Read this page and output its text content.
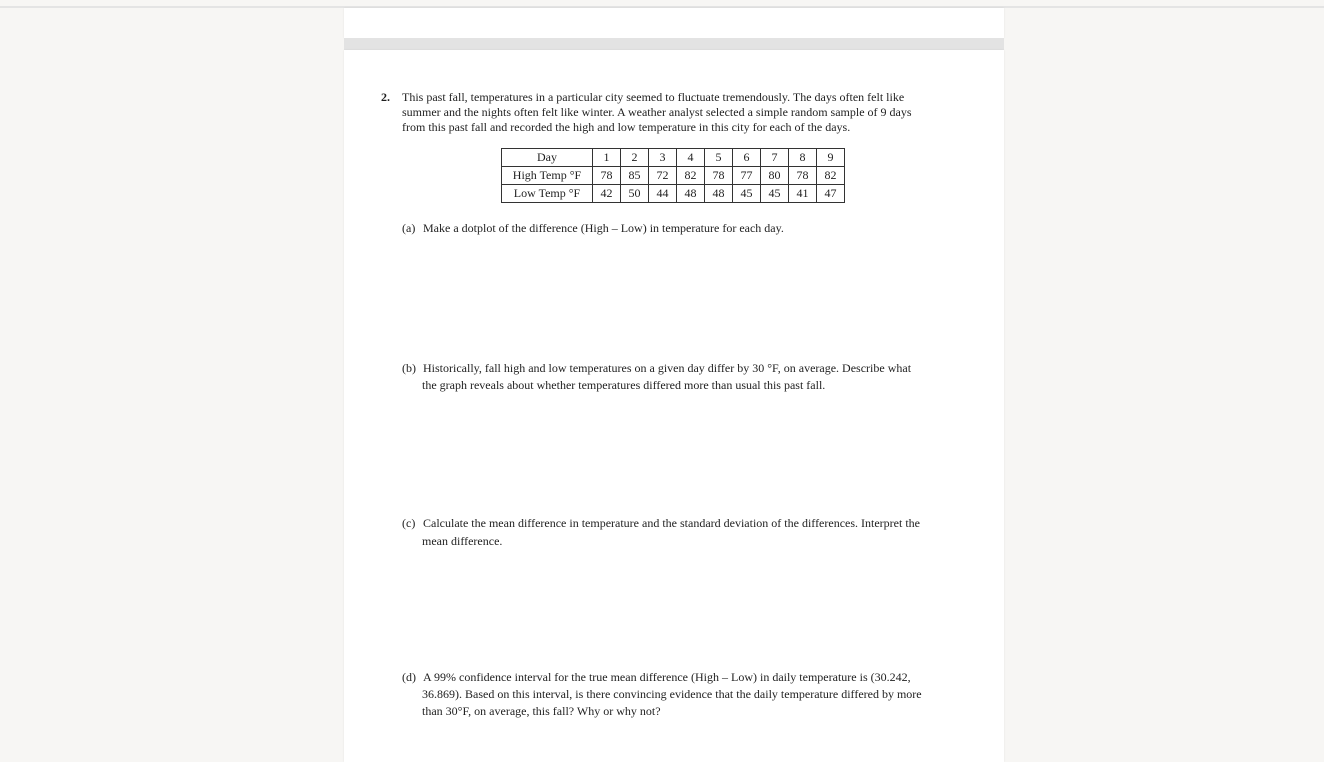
2. This past fall, temperatures in a particular city seemed to fluctuate tremendously. The days often felt like
summer and the nights often felt like winter. A weather analyst selected a simple random sample of 9 days
from this past fall and recorded the high and low temperature in this city for each of the days.

Day	1	2	3	4	5	6	7	8	9
High Temp °F	78	85	72	82	78	77	80	78	82
Low Temp °F	42	50	44	48	48	45	45	41	47

(a) Make a dotplot of the difference (High – Low) in temperature for each day.

(b) Historically, fall high and low temperatures on a given day differ by 30 °F, on average. Describe what
the graph reveals about whether temperatures differed more than usual this past fall.

(c) Calculate the mean difference in temperature and the standard deviation of the differences. Interpret the
mean difference.

(d) A 99% confidence interval for the true mean difference (High – Low) in daily temperature is (30.242,
36.869). Based on this interval, is there convincing evidence that the daily temperature differed by more
than 30°F, on average, this fall? Why or why not?
